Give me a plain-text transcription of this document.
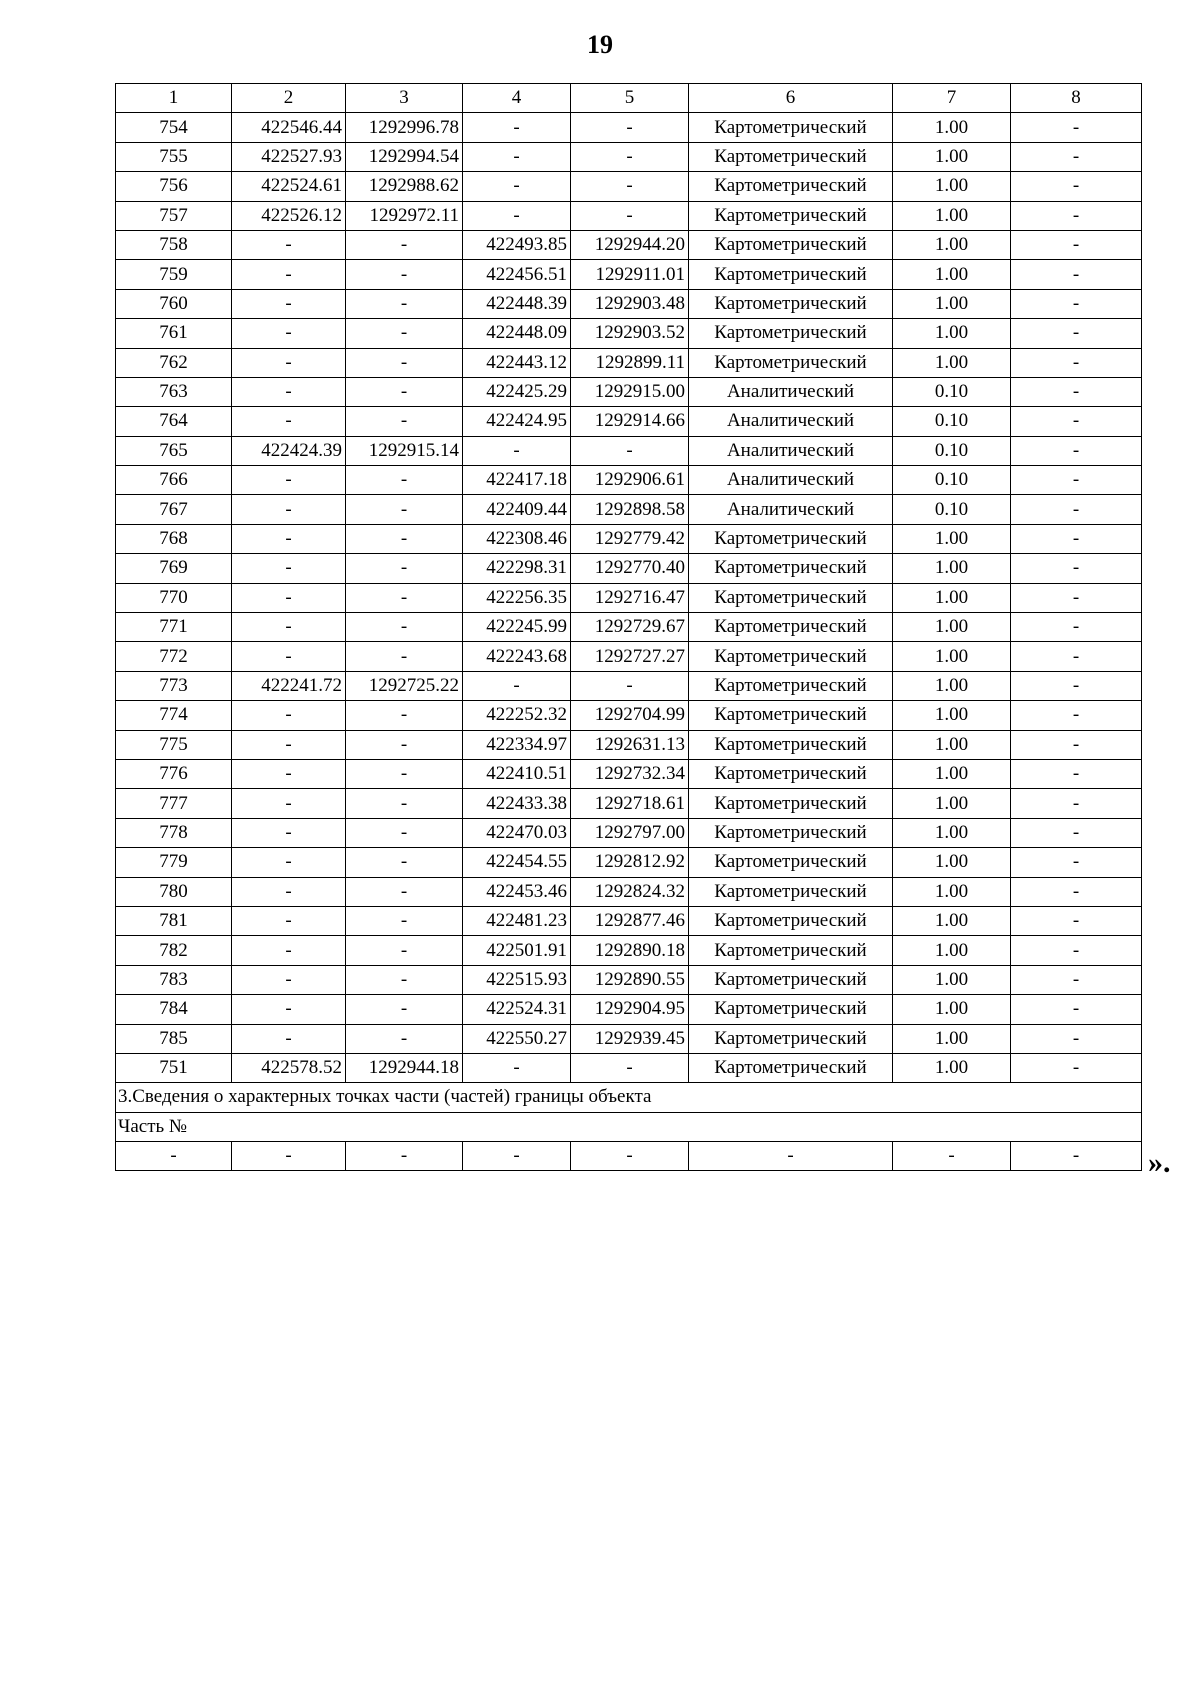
19
1	2	3	4	5	6	7	8
754	422546.44	1292996.78	-	-	Картометрический	1.00	-
755	422527.93	1292994.54	-	-	Картометрический	1.00	-
756	422524.61	1292988.62	-	-	Картометрический	1.00	-
757	422526.12	1292972.11	-	-	Картометрический	1.00	-
758	-	-	422493.85	1292944.20	Картометрический	1.00	-
759	-	-	422456.51	1292911.01	Картометрический	1.00	-
760	-	-	422448.39	1292903.48	Картометрический	1.00	-
761	-	-	422448.09	1292903.52	Картометрический	1.00	-
762	-	-	422443.12	1292899.11	Картометрический	1.00	-
763	-	-	422425.29	1292915.00	Аналитический	0.10	-
764	-	-	422424.95	1292914.66	Аналитический	0.10	-
765	422424.39	1292915.14	-	-	Аналитический	0.10	-
766	-	-	422417.18	1292906.61	Аналитический	0.10	-
767	-	-	422409.44	1292898.58	Аналитический	0.10	-
768	-	-	422308.46	1292779.42	Картометрический	1.00	-
769	-	-	422298.31	1292770.40	Картометрический	1.00	-
770	-	-	422256.35	1292716.47	Картометрический	1.00	-
771	-	-	422245.99	1292729.67	Картометрический	1.00	-
772	-	-	422243.68	1292727.27	Картометрический	1.00	-
773	422241.72	1292725.22	-	-	Картометрический	1.00	-
774	-	-	422252.32	1292704.99	Картометрический	1.00	-
775	-	-	422334.97	1292631.13	Картометрический	1.00	-
776	-	-	422410.51	1292732.34	Картометрический	1.00	-
777	-	-	422433.38	1292718.61	Картометрический	1.00	-
778	-	-	422470.03	1292797.00	Картометрический	1.00	-
779	-	-	422454.55	1292812.92	Картометрический	1.00	-
780	-	-	422453.46	1292824.32	Картометрический	1.00	-
781	-	-	422481.23	1292877.46	Картометрический	1.00	-
782	-	-	422501.91	1292890.18	Картометрический	1.00	-
783	-	-	422515.93	1292890.55	Картометрический	1.00	-
784	-	-	422524.31	1292904.95	Картометрический	1.00	-
785	-	-	422550.27	1292939.45	Картометрический	1.00	-
751	422578.52	1292944.18	-	-	Картометрический	1.00	-
3.Сведения о характерных точках части (частей) границы объекта							
Часть №							
-	-	-	-	-	-	-	- ».
